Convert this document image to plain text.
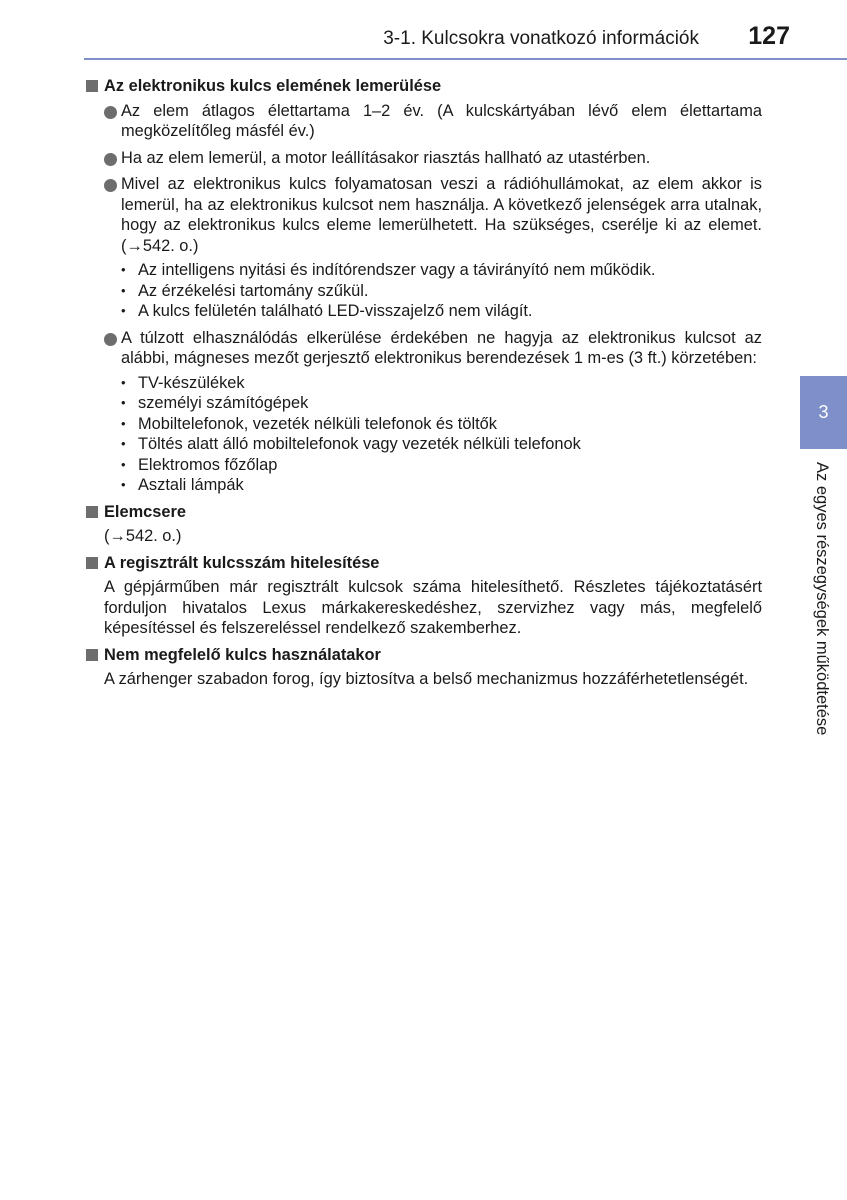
3-1. Kulcsokra vonatkozó információk 127
3
Az egyes részegységek működtetése
Az elektronikus kulcs elemének lemerülése
Az elem átlagos élettartama 1–2 év. (A kulcskártyában lévő elem élettartama megközelítőleg másfél év.)
Ha az elem lemerül, a motor leállításakor riasztás hallható az utastérben.
Mivel az elektronikus kulcs folyamatosan veszi a rádióhullámokat, az elem akkor is lemerül, ha az elektronikus kulcsot nem használja. A következő jelenségek arra utalnak, hogy az elektronikus kulcs eleme lemerülhetett. Ha szükséges, cserélje ki az elemet. (→542. o.)
• Az intelligens nyitási és indítórendszer vagy a távirányító nem működik.
• Az érzékelési tartomány szűkül.
• A kulcs felületén található LED-visszajelző nem világít.
A túlzott elhasználódás elkerülése érdekében ne hagyja az elektronikus kulcsot az alábbi, mágneses mezőt gerjesztő elektronikus berendezések 1 m-es (3 ft.) körzetében:
• TV-készülékek
• személyi számítógépek
• Mobiltelefonok, vezeték nélküli telefonok és töltők
• Töltés alatt álló mobiltelefonok vagy vezeték nélküli telefonok
• Elektromos főzőlap
• Asztali lámpák
Elemcsere
(→542. o.)
A regisztrált kulcsszám hitelesítése
A gépjárműben már regisztrált kulcsok száma hitelesíthető. Részletes tájékoztatásért forduljon hivatalos Lexus márkakereskedéshez, szervizhez vagy más, megfelelő képesítéssel és felszereléssel rendelkező szakemberhez.
Nem megfelelő kulcs használatakor
A zárhenger szabadon forog, így biztosítva a belső mechanizmus hozzáférhetetlenségét.
